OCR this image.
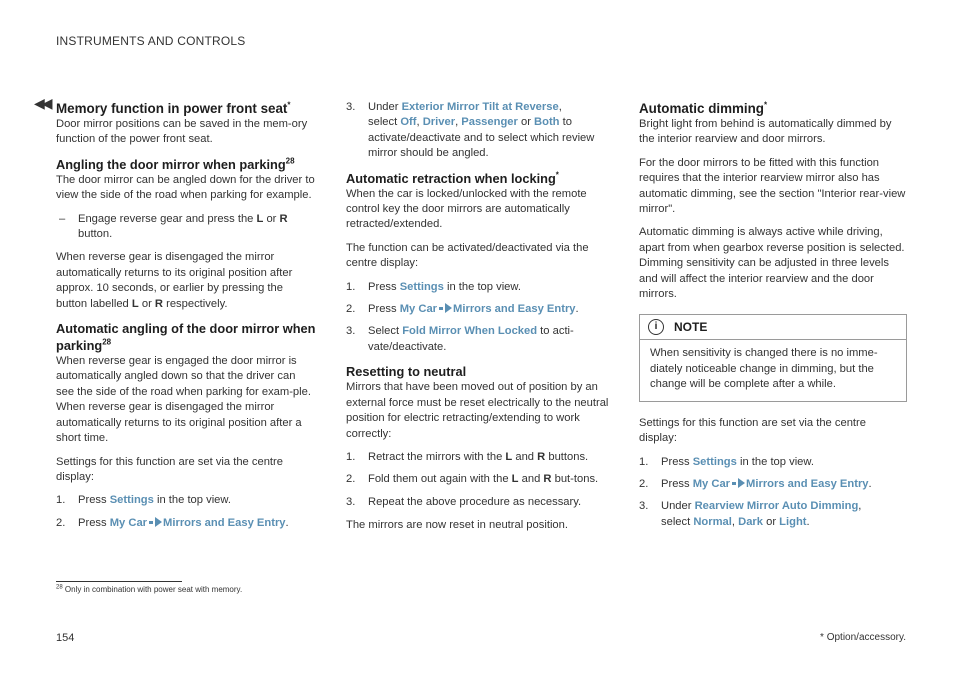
INSTRUMENTS AND CONTROLS
◀◀ Memory function in power front seat*

Door mirror positions can be saved in the mem-ory function of the power front seat.

Angling the door mirror when parking$^{28}$

The door mirror can be angled down for the driver to view the side of the road when parking for example.

– Engage reverse gear and press the L or R
button.

When reverse gear is disengaged the mirror automatically returns to its original position after approx. 10 seconds, or earlier by pressing the button labelled L or R respectively.

Automatic angling of the door mirror when parking$^{28}$

When reverse gear is engaged the door mirror is automatically angled down so that the driver can see the side of the road when parking for exam-ple. When reverse gear is disengaged the mirror automatically returns to its original position after a short time.

Settings for this function are set via the centre display:

1. Press Settings in the top view.
2. Press My Car Mirrors and Easy Entry.
3. Under Exterior Mirror Tilt at Reverse,
select Off, Driver, Passenger or Both to activate/deactivate and to select which review mirror should be angled.
Automatic retraction when locking*

When the car is locked/unlocked with the remote control key the door mirrors are automatically retracted/extended.

The function can be activated/deactivated via the centre display:

1. Press Settings in the top view.
2. Press My Car Mirrors and Easy Entry.
3. Select Fold Mirror When Locked to acti-vate/deactivate.
Resetting to neutral

Mirrors that have been moved out of position by an external force must be reset electrically to the neutral position for electric retracting/extending to work correctly:

1. Retract the mirrors with the L and R buttons.
2. Fold them out again with the L and R but-tons.
3. Repeat the above procedure as necessary.

The mirrors are now reset in neutral position.

Automatic dimming*

Bright light from behind is automatically dimmed by the interior rearview and door mirrors.

For the door mirrors to be fitted with this function requires that the interior rearview mirror also has automatic dimming, see the section "Interior rear-view mirror".

Automatic dimming is always active while driving, apart from when gearbox reverse position is selected. Dimming sensitivity can be adjusted in three levels and will affect the interior rearview and the door mirrors.

i	NOTE
When sensitivity is changed there is no imme-diately noticeable change in dimming, but the change will be complete after a while.

Settings for this function are set via the centre display:

1. Press Settings in the top view.
2. Press My Car Mirrors and Easy Entry.
3. Under Rearview Mirror Auto Dimming,
select Normal, Dark or Light.
$^{28}$ Only in combination with power seat with memory.
154	* Option/accessory.
